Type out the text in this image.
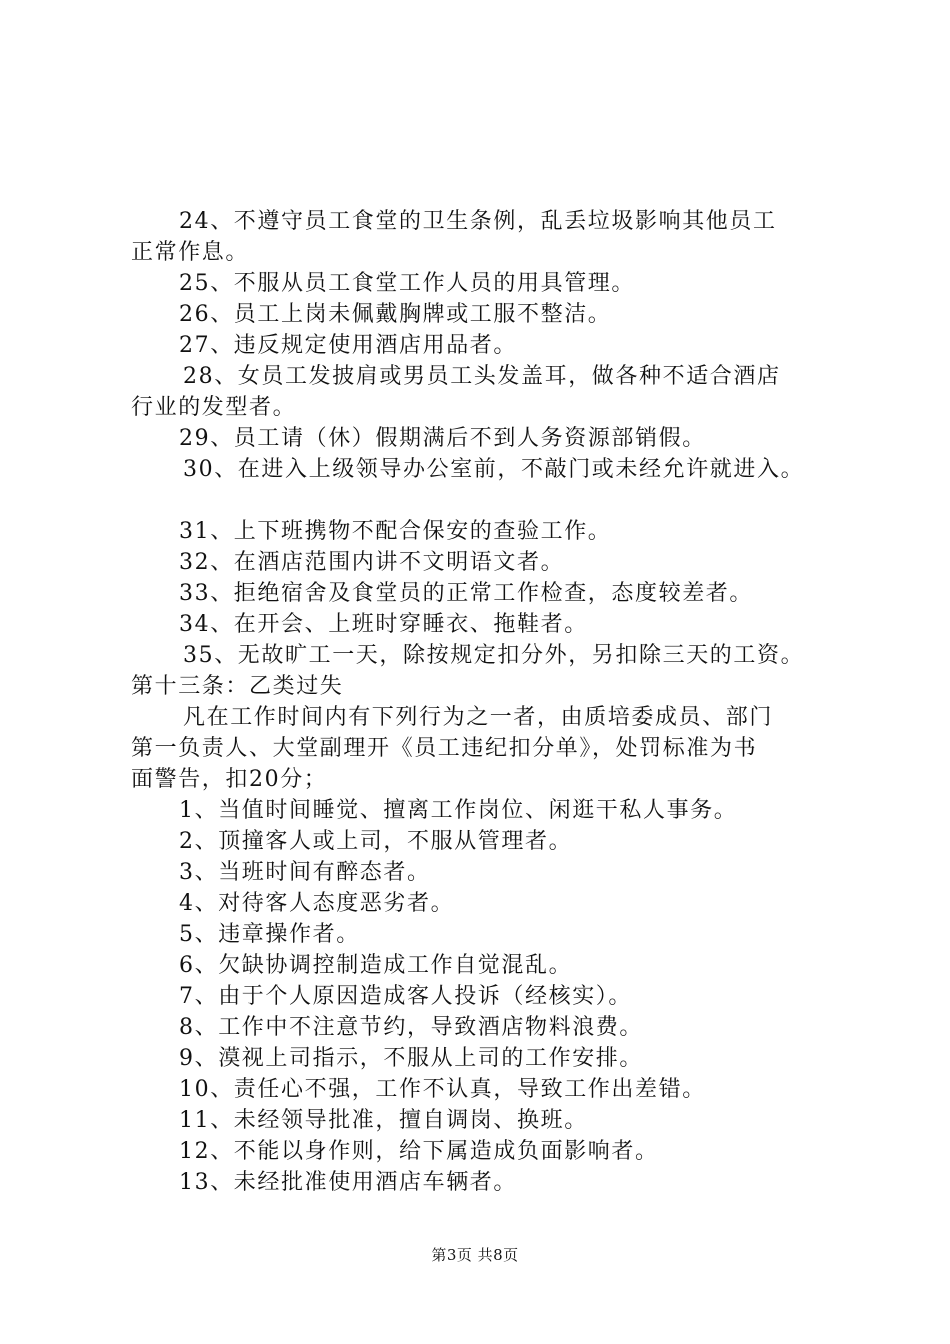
24、不遵守员工食堂的卫生条例，乱丢垃圾影响其他员工
正常作息。
25、不服从员工食堂工作人员的用具管理。
26、员工上岗未佩戴胸牌或工服不整洁。
27、违反规定使用酒店用品者。
28、女员工发披肩或男员工头发盖耳，做各种不适合酒店
行业的发型者。
29、员工请（休）假期满后不到人务资源部销假。
30、在进入上级领导办公室前，不敲门或未经允许就进入。
31、上下班携物不配合保安的查验工作。
32、在酒店范围内讲不文明语文者。
33、拒绝宿舍及食堂员的正常工作检查，态度较差者。
34、在开会、上班时穿睡衣、拖鞋者。
35、无故旷工一天，除按规定扣分外，另扣除三天的工资。
第十三条：乙类过失
凡在工作时间内有下列行为之一者，由质培委成员、部门
第一负责人、大堂副理开《员工违纪扣分单》，处罚标准为书
面警告，扣20分；
1、当值时间睡觉、擅离工作岗位、闲逛干私人事务。
2、顶撞客人或上司，不服从管理者。
3、当班时间有醉态者。
4、对待客人态度恶劣者。
5、违章操作者。
6、欠缺协调控制造成工作自觉混乱。
7、由于个人原因造成客人投诉（经核实）。
8、工作中不注意节约，导致酒店物料浪费。
9、漠视上司指示，不服从上司的工作安排。
10、责任心不强，工作不认真，导致工作出差错。
11、未经领导批准，擅自调岗、换班。
12、不能以身作则，给下属造成负面影响者。
13、未经批准使用酒店车辆者。
第3页 共8页
